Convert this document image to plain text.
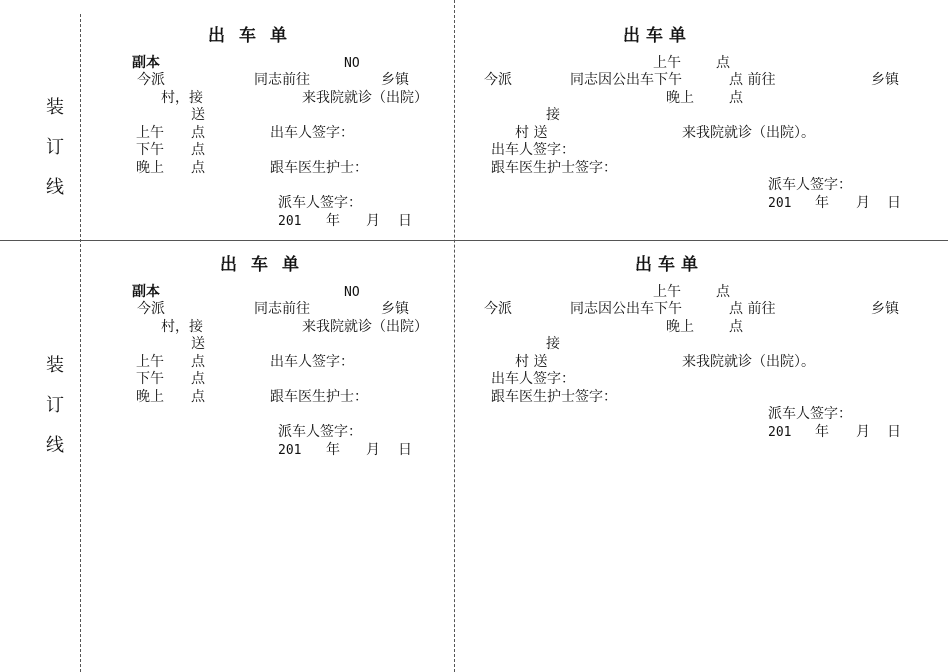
装
订
线
装
订
线
出车单
副本	NO
今派	同志前往	乡镇
村，接	来我院就诊（出院）
送
上午 点	出车人签字：
下午 点
晚上 点	跟车医生护士：
派车人签字：
201 年 月 日
出车单
上午	点
今派	同志因公出车下午	点 前往	乡镇
晚上	点
接
村 送	来我院就诊（出院）。
出车人签字：
跟车医生护士签字：
派车人签字：
201 年 月 日
出车单
副本	NO
今派	同志前往	乡镇
村，接	来我院就诊（出院）
送
上午 点	出车人签字：
下午 点
晚上 点	跟车医生护士：
派车人签字：
201 年 月 日
出车单
上午	点
今派	同志因公出车下午	点 前往	乡镇
晚上	点
接
村 送	来我院就诊（出院）。
出车人签字：
跟车医生护士签字：
派车人签字：
201 年 月 日
